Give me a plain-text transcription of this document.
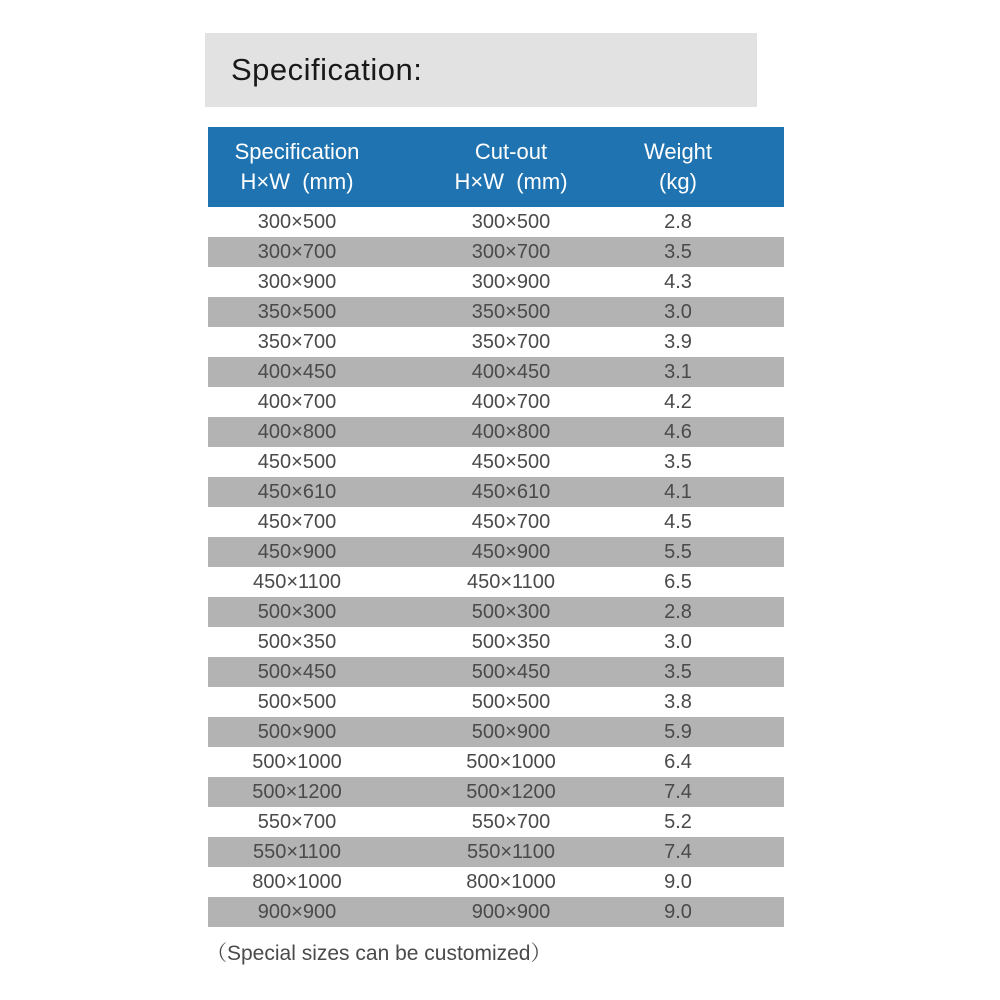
Specification:
Specification
H×W  (mm)
Cut-out
H×W  (mm)
Weight
(kg)
300×500	300×500	2.8
300×700	300×700	3.5
300×900	300×900	4.3
350×500	350×500	3.0
350×700	350×700	3.9
400×450	400×450	3.1
400×700	400×700	4.2
400×800	400×800	4.6
450×500	450×500	3.5
450×610	450×610	4.1
450×700	450×700	4.5
450×900	450×900	5.5
450×1100	450×1100	6.5
500×300	500×300	2.8
500×350	500×350	3.0
500×450	500×450	3.5
500×500	500×500	3.8
500×900	500×900	5.9
500×1000	500×1000	6.4
500×1200	500×1200	7.4
550×700	550×700	5.2
550×1100	550×1100	7.4
800×1000	800×1000	9.0
900×900	900×900	9.0
（Special sizes can be customized）
